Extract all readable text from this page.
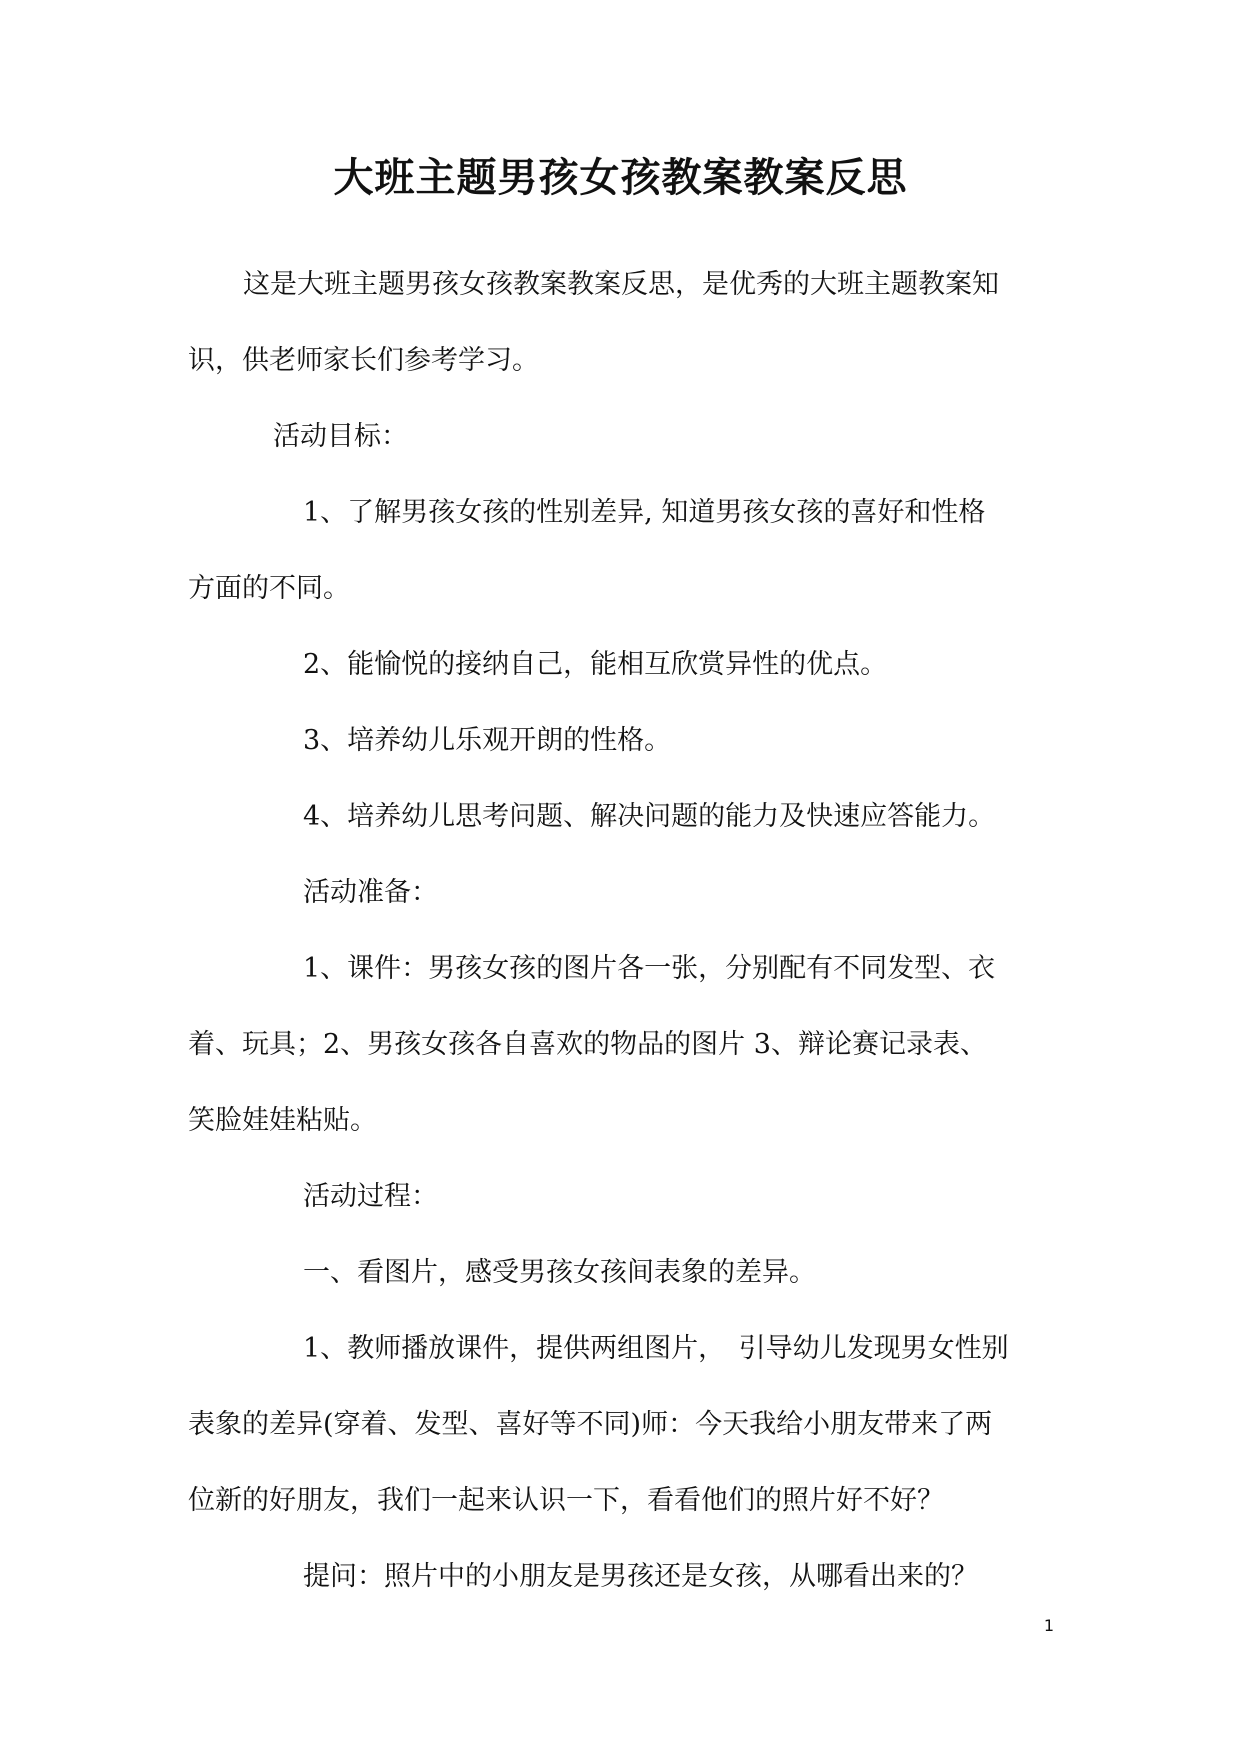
大班主题男孩女孩教案教案反思

这是大班主题男孩女孩教案教案反思，是优秀的大班主题教案知

识，供老师家长们参考学习。

活动目标：

1、了解男孩女孩的性别差异, 知道男孩女孩的喜好和性格

方面的不同。

2、能愉悦的接纳自己，能相互欣赏异性的优点。

3、培养幼儿乐观开朗的性格。

4、培养幼儿思考问题、解决问题的能力及快速应答能力。

活动准备：

1、课件：男孩女孩的图片各一张，分别配有不同发型、衣

着、玩具；2、男孩女孩各自喜欢的物品的图片 3、辩论赛记录表、

笑脸娃娃粘贴。

活动过程：

一、看图片，感受男孩女孩间表象的差异。

1、教师播放课件，提供两组图片，　引导幼儿发现男女性别

表象的差异(穿着、发型、喜好等不同)师：今天我给小朋友带来了两

位新的好朋友，我们一起来认识一下，看看他们的照片好不好？

提问：照片中的小朋友是男孩还是女孩，从哪看出来的？

1
